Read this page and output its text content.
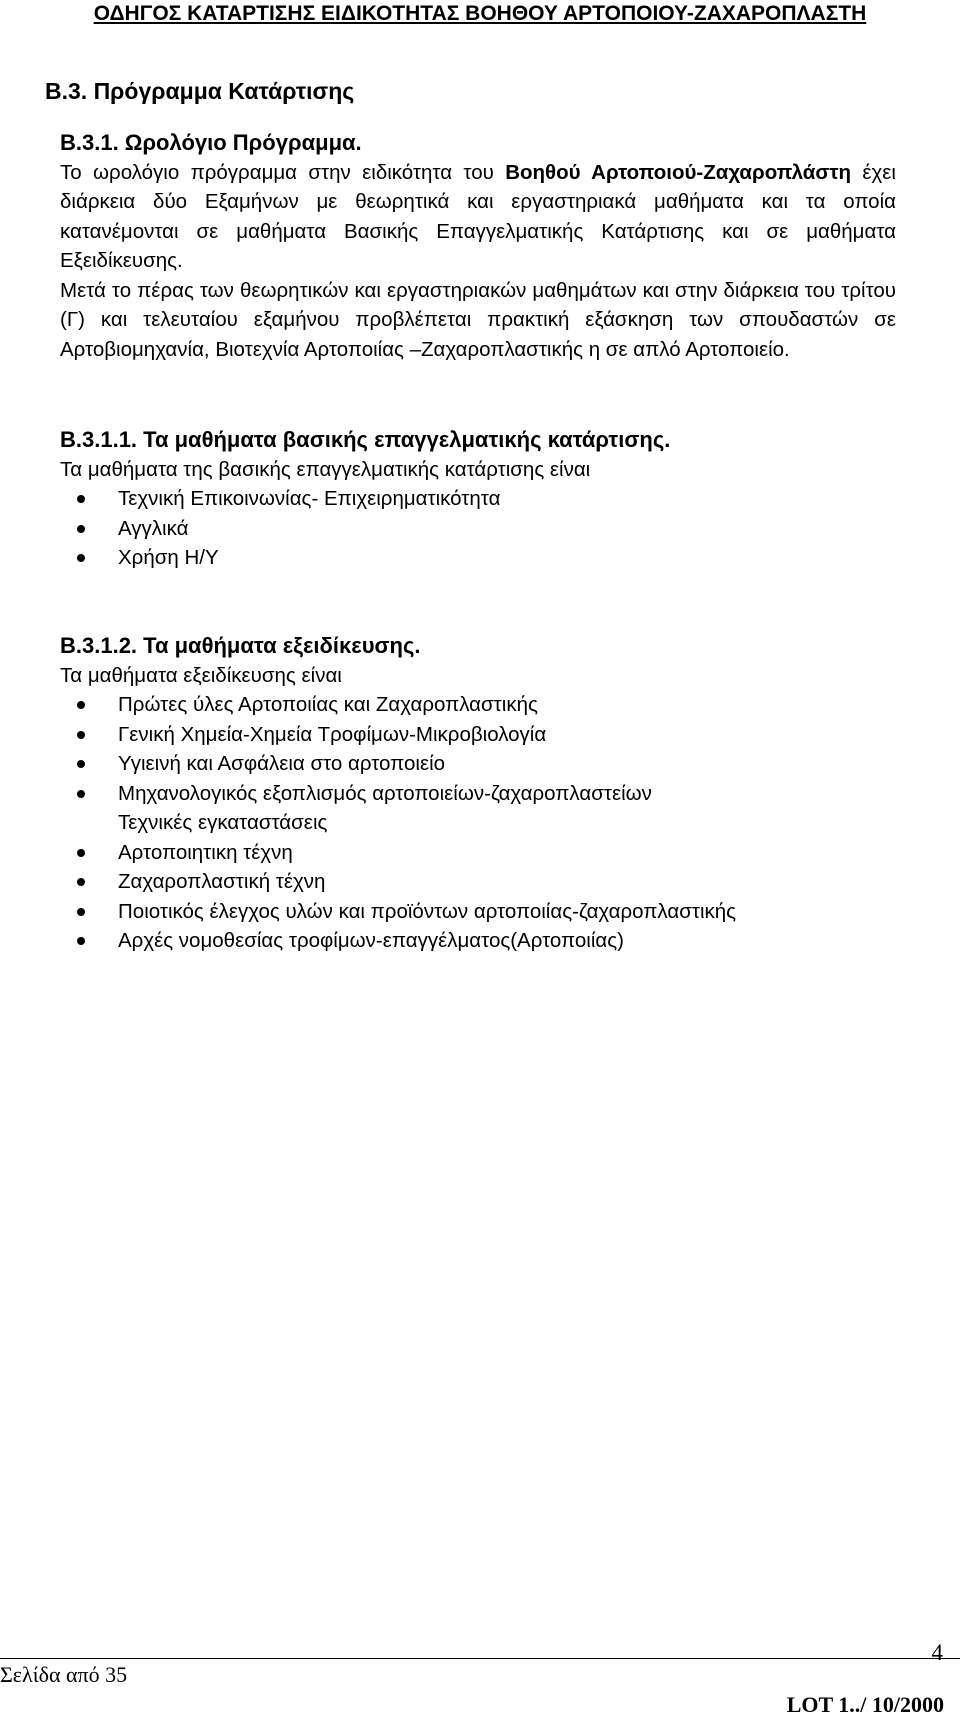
ΟΔΗΓΟΣ ΚΑΤΑΡΤΙΣΗΣ ΕΙΔΙΚΟΤΗΤΑΣ ΒΟΗΘΟΥ ΑΡΤΟΠΟΙΟΥ-ΖΑΧΑΡΟΠΛΑΣΤΗ
Β.3. Πρόγραμμα Κατάρτισης

Β.3.1. Ωρολόγιο Πρόγραμμα.

Το ωρολόγιο πρόγραμμα στην ειδικότητα του Βοηθού Αρτοποιού-Ζαχαροπλάστη έχει διάρκεια δύο Εξαμήνων με θεωρητικά και εργαστηριακά μαθήματα και τα οποία κατανέμονται σε μαθήματα Βασικής Επαγγελματικής Κατάρτισης και σε μαθήματα Εξειδίκευσης.

Μετά το πέρας των θεωρητικών και εργαστηριακών μαθημάτων και στην διάρκεια του τρίτου (Γ) και τελευταίου εξαμήνου προβλέπεται πρακτική εξάσκηση των σπουδαστών σε Αρτοβιομηχανία, Βιοτεχνία Αρτοποιίας –Ζαχαροπλαστικής η σε απλό Αρτοποιείο.

Β.3.1.1. Τα μαθήματα βασικής επαγγελματικής κατάρτισης.

Τα μαθήματα της βασικής επαγγελματικής κατάρτισης είναι

Τεχνική Επικοινωνίας- Επιχειρηματικότητα
Αγγλικά
Χρήση Η/Υ

Β.3.1.2. Τα μαθήματα εξειδίκευσης.

Τα μαθήματα εξειδίκευσης είναι

Πρώτες ύλες Αρτοποιίας και Ζαχαροπλαστικής
Γενική Χημεία-Χημεία Τροφίμων-Μικροβιολογία
Υγιεινή και Ασφάλεια στο αρτοποιείο
Μηχανολογικός εξοπλισμός αρτοποιείων-ζαχαροπλαστείων
Τεχνικές εγκαταστάσεις
Αρτοποιητικη τέχνη
Ζαχαροπλαστική τέχνη
Ποιοτικός έλεγχος υλών και προϊόντων αρτοποιίας-ζαχαροπλαστικής
Αρχές νομοθεσίας τροφίμων-επαγγέλματος(Αρτοποιίας)
4
Σελίδα από 35
LOT 1../ 10/2000
